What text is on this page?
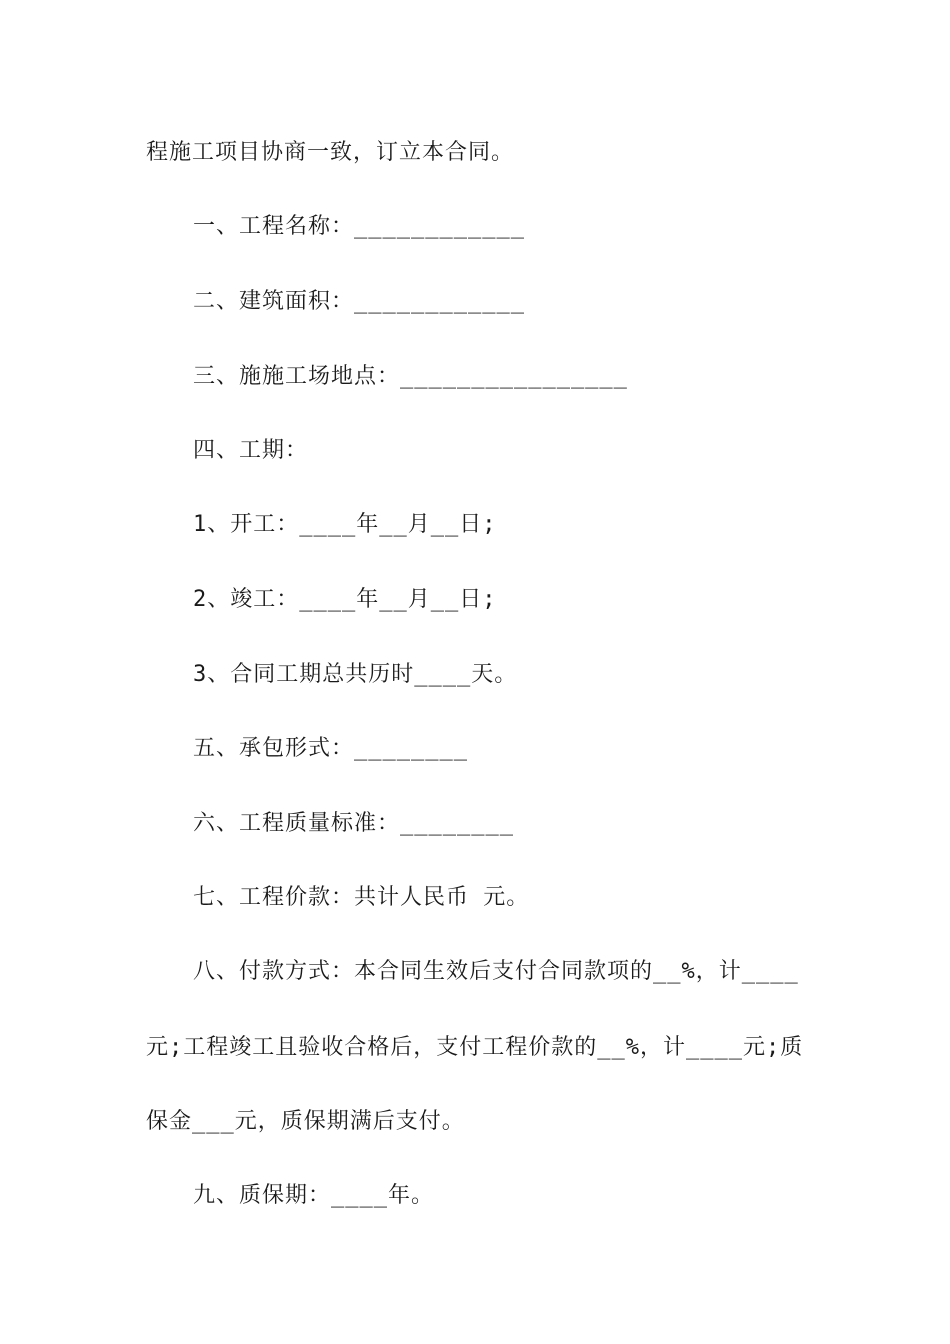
程施工项目协商一致，订立本合同。
一、工程名称：____________
二、建筑面积：____________
三、施施工场地点：________________
四、工期：
1、开工：____年__月__日;
2、竣工：____年__月__日;
3、合同工期总共历时____天。
五、承包形式：________
六、工程质量标准：________
七、工程价款：共计人民币 元。
八、付款方式：本合同生效后支付合同款项的__%，计____
元;工程竣工且验收合格后，支付工程价款的__%，计____元;质
保金___元，质保期满后支付。
九、质保期：____年。
